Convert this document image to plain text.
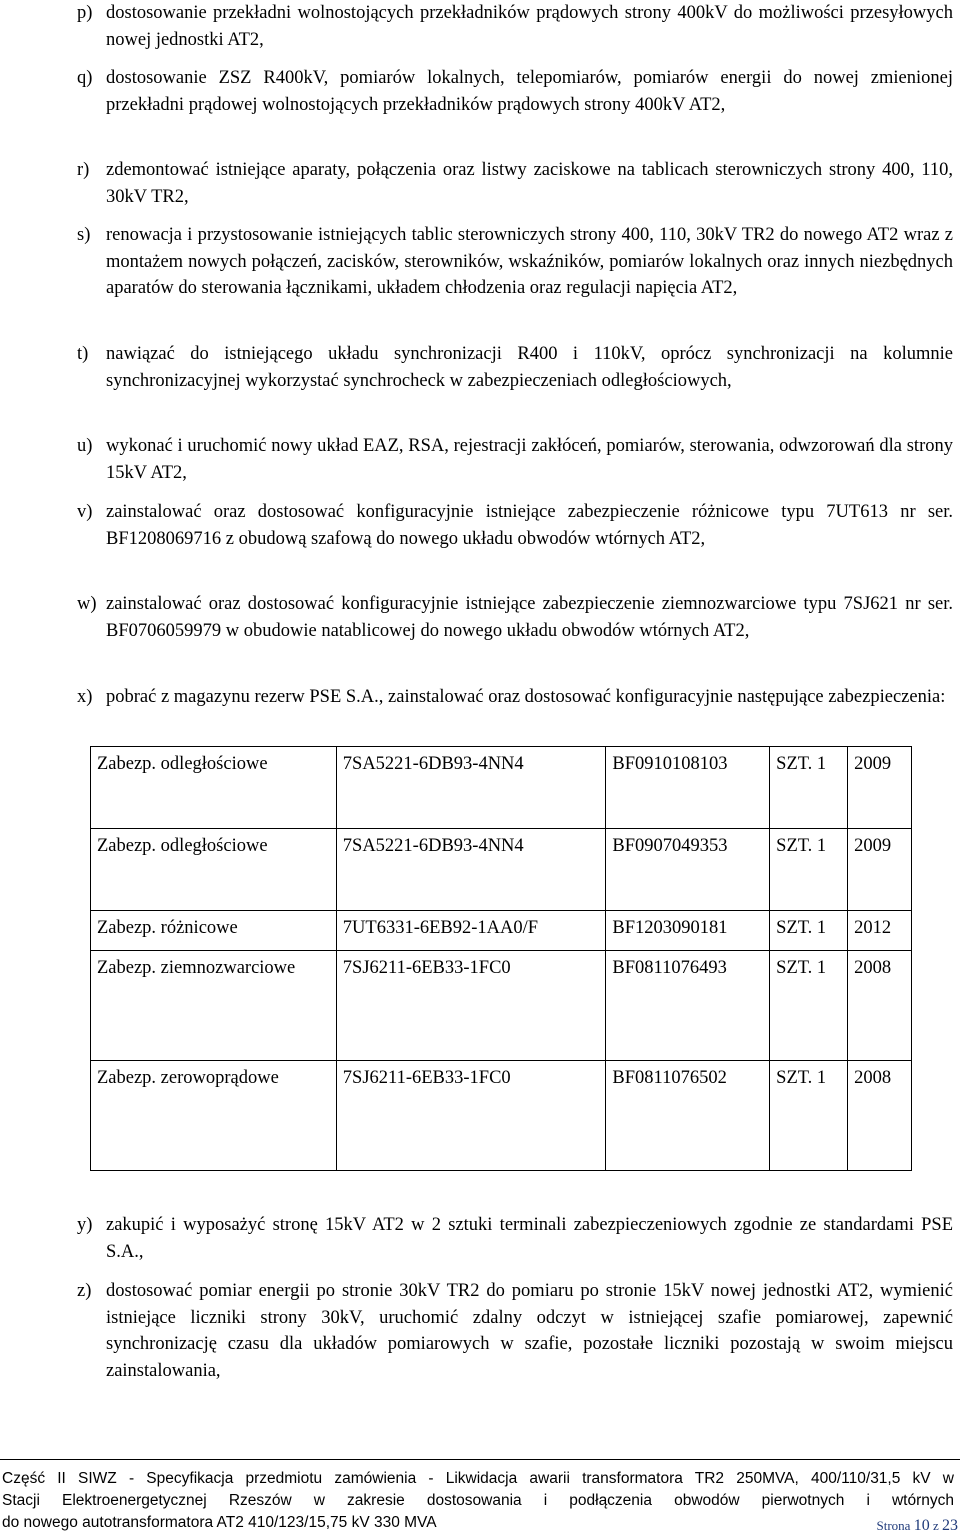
p) dostosowanie przekładni wolnostojących przekładników prądowych strony 400kV do możliwości przesyłowych nowej jednostki AT2,
q) dostosowanie ZSZ R400kV, pomiarów lokalnych, telepomiarów, pomiarów energii do nowej zmienionej przekładni prądowej wolnostojących przekładników prądowych strony 400kV AT2,
r) zdemontować istniejące aparaty, połączenia oraz listwy zaciskowe na tablicach sterowniczych strony 400, 110, 30kV TR2,
s) renowacja i przystosowanie istniejących tablic sterowniczych strony 400, 110, 30kV TR2 do nowego AT2 wraz z montażem nowych połączeń, zacisków, sterowników, wskaźników, pomiarów lokalnych oraz innych niezbędnych aparatów do sterowania łącznikami, układem chłodzenia oraz regulacji napięcia AT2,
t) nawiązać do istniejącego układu synchronizacji R400 i 110kV, oprócz synchronizacji na kolumnie synchronizacyjnej wykorzystać synchrocheck w zabezpieczeniach odległościowych,
u) wykonać i uruchomić nowy układ EAZ, RSA, rejestracji zakłóceń, pomiarów, sterowania, odwzorowań dla strony 15kV AT2,
v) zainstalować oraz dostosować konfiguracyjnie istniejące zabezpieczenie różnicowe typu 7UT613 nr ser. BF1208069716 z obudową szafową do nowego układu obwodów wtórnych AT2,
w) zainstalować oraz dostosować konfiguracyjnie istniejące zabezpieczenie ziemnozwarciowe typu 7SJ621 nr ser. BF0706059979 w obudowie natablicowej do nowego układu obwodów wtórnych AT2,
x) pobrać z magazynu rezerw PSE S.A., zainstalować oraz dostosować konfiguracyjnie następujące zabezpieczenia:
Zabezp. odległościowe	7SA5221-6DB93-4NN4	BF0910108103	SZT. 1	2009
Zabezp. odległościowe	7SA5221-6DB93-4NN4	BF0907049353	SZT. 1	2009
Zabezp. różnicowe	7UT6331-6EB92-1AA0/F	BF1203090181	SZT. 1	2012
Zabezp. ziemnozwarciowe	7SJ6211-6EB33-1FC0	BF0811076493	SZT. 1	2008
Zabezp. zerowoprądowe	7SJ6211-6EB33-1FC0	BF0811076502	SZT. 1	2008
y) zakupić i wyposażyć stronę 15kV AT2 w 2 sztuki terminali zabezpieczeniowych zgodnie ze standardami PSE S.A.,
z) dostosować pomiar energii po stronie 30kV TR2 do pomiaru po stronie 15kV nowej jednostki AT2, wymienić istniejące liczniki strony 30kV, uruchomić zdalny odczyt w istniejącej szafie pomiarowej, zapewnić synchronizację czasu dla układów pomiarowych w szafie, pozostałe liczniki pozostają w swoim miejscu zainstalowania,
Część II SIWZ - Specyfikacja przedmiotu zamówienia - Likwidacja awarii transformatora TR2 250MVA, 400/110/31,5 kV w
Stacji Elektroenergetycznej Rzeszów w zakresie dostosowania i podłączenia obwodów pierwotnych i wtórnych
do nowego autotransformatora AT2 410/123/15,75 kV 330 MVA	Strona 10 z 23
